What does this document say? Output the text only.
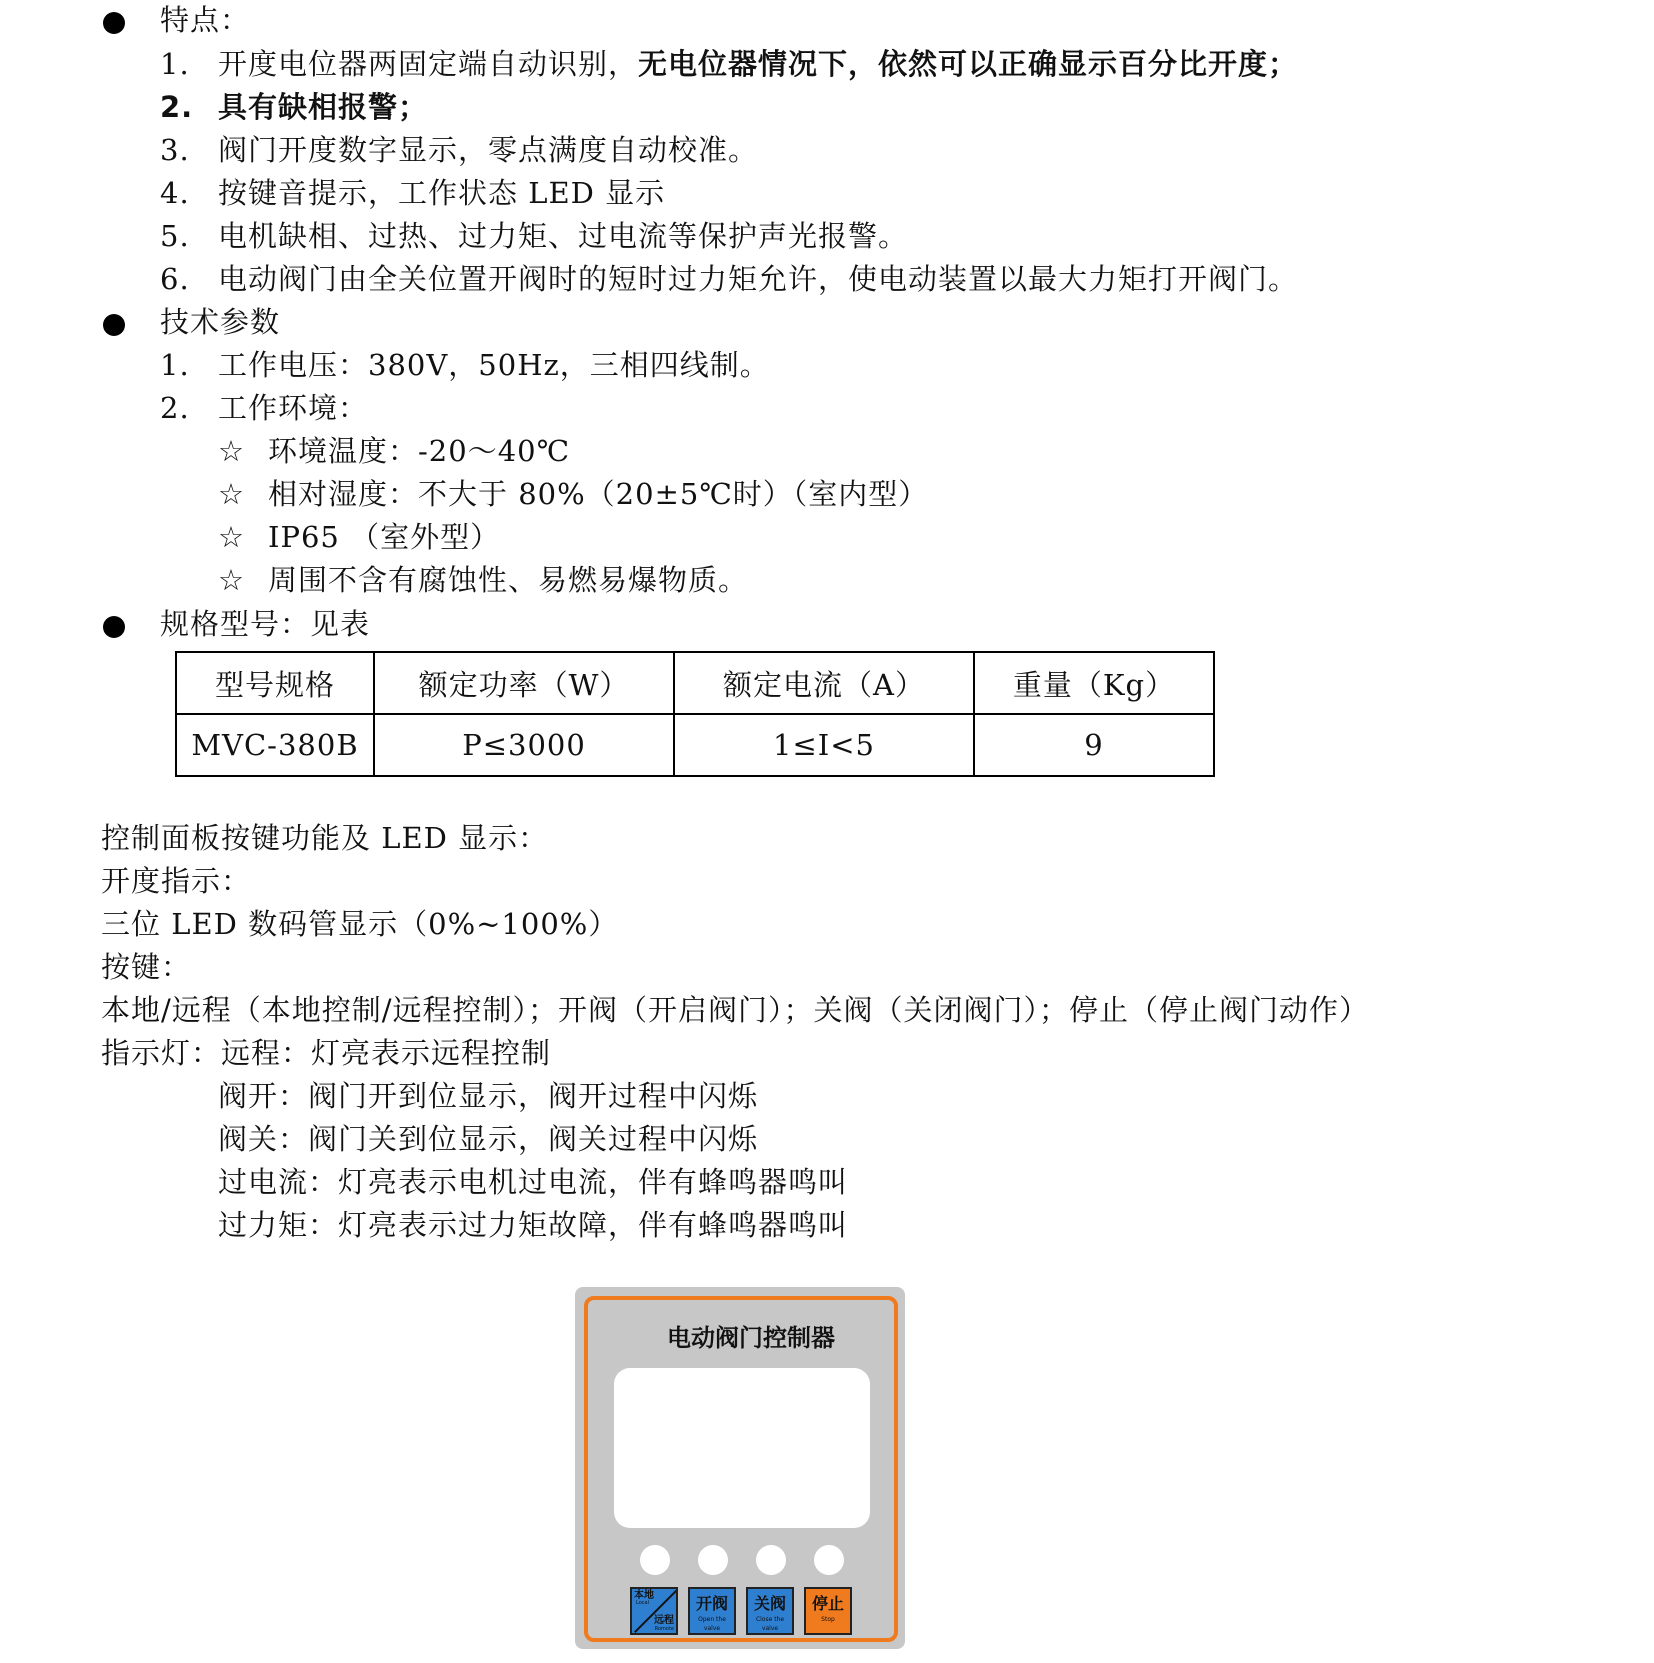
特点：
1. 开度电位器两固定端自动识别，无电位器情况下，依然可以正确显示百分比开度；
2. 具有缺相报警；
3. 阀门开度数字显示，零点满度自动校准。
4. 按键音提示，工作状态 LED 显示
5. 电机缺相、过热、过力矩、过电流等保护声光报警。
6. 电动阀门由全关位置开阀时的短时过力矩允许，使电动装置以最大力矩打开阀门。
技术参数
1. 工作电压：380V，50Hz，三相四线制。
2. 工作环境：
☆ 环境温度：-20～40℃
☆ 相对湿度：不大于 80%（20±5℃时）（室内型）
☆ IP65 （室外型）
☆ 周围不含有腐蚀性、易燃易爆物质。
规格型号：见表
型号规格	额定功率（W）	额定电流（A）	重量（Kg）
MVC-380B	P≤3000	1≤I<5	9
控制面板按键功能及 LED 显示：
开度指示：
三位 LED 数码管显示（0%~100%）
按键：
本地/远程（本地控制/远程控制）；开阀（开启阀门）；关阀（关闭阀门）；停止（停止阀门动作）
指示灯：远程：灯亮表示远程控制
阀开：阀门开到位显示，阀开过程中闪烁
阀关：阀门关到位显示，阀关过程中闪烁
过电流：灯亮表示电机过电流，伴有蜂鸣器鸣叫
过力矩：灯亮表示过力矩故障，伴有蜂鸣器鸣叫
电动阀门控制器
本地
Local
远程
Romote
开阀
Open the valve
关阀
Close the valve
停止
Stop
